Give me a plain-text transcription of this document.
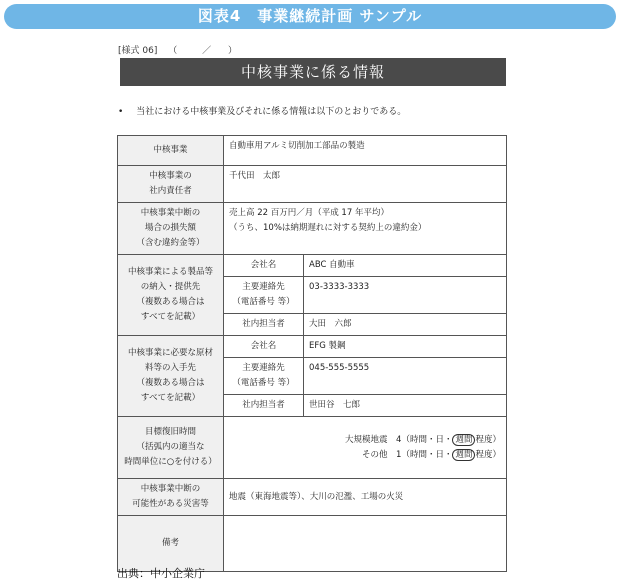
図表4　事業継続計画 サンプル
[様式 06] （	／ ）
中核事業に係る情報
• 当社における中核事業及びそれに係る情報は以下のとおりである。
中核事業	自動車用アルミ切削加工部品の製造	

中核事業の
社内責任者	千代田　太郎	

中核事業中断の
場合の損失額
（含む違約金等）	売上高 22 百万円／月（平成 17 年平均）
（うち、10%は納期遅れに対する契約上の違約金）	

中核事業による製品等
の納入・提供先
（複数ある場合は
すべてを記載）	会社名	ABC 自動車

	主要連絡先
（電話番号 等）	03-3333-3333
	社内担当者	大田　六郎

中核事業に必要な原材
料等の入手先
（複数ある場合は
すべてを記載）	会社名	EFG 製鋼

	主要連絡先
（電話番号 等）	045-555-5555
	社内担当者	世田谷　七郎

目標復旧時間
（括弧内の適当な
時間単位に○を付ける）	大規模地震　4（時間・日・ 週間 程度）
その他　1（時間・日・ 週間 程度）	

中核事業中断の
可能性がある災害等	地震（東海地震等）、大川の氾濫、工場の火災	
備考		
出典：中小企業庁
